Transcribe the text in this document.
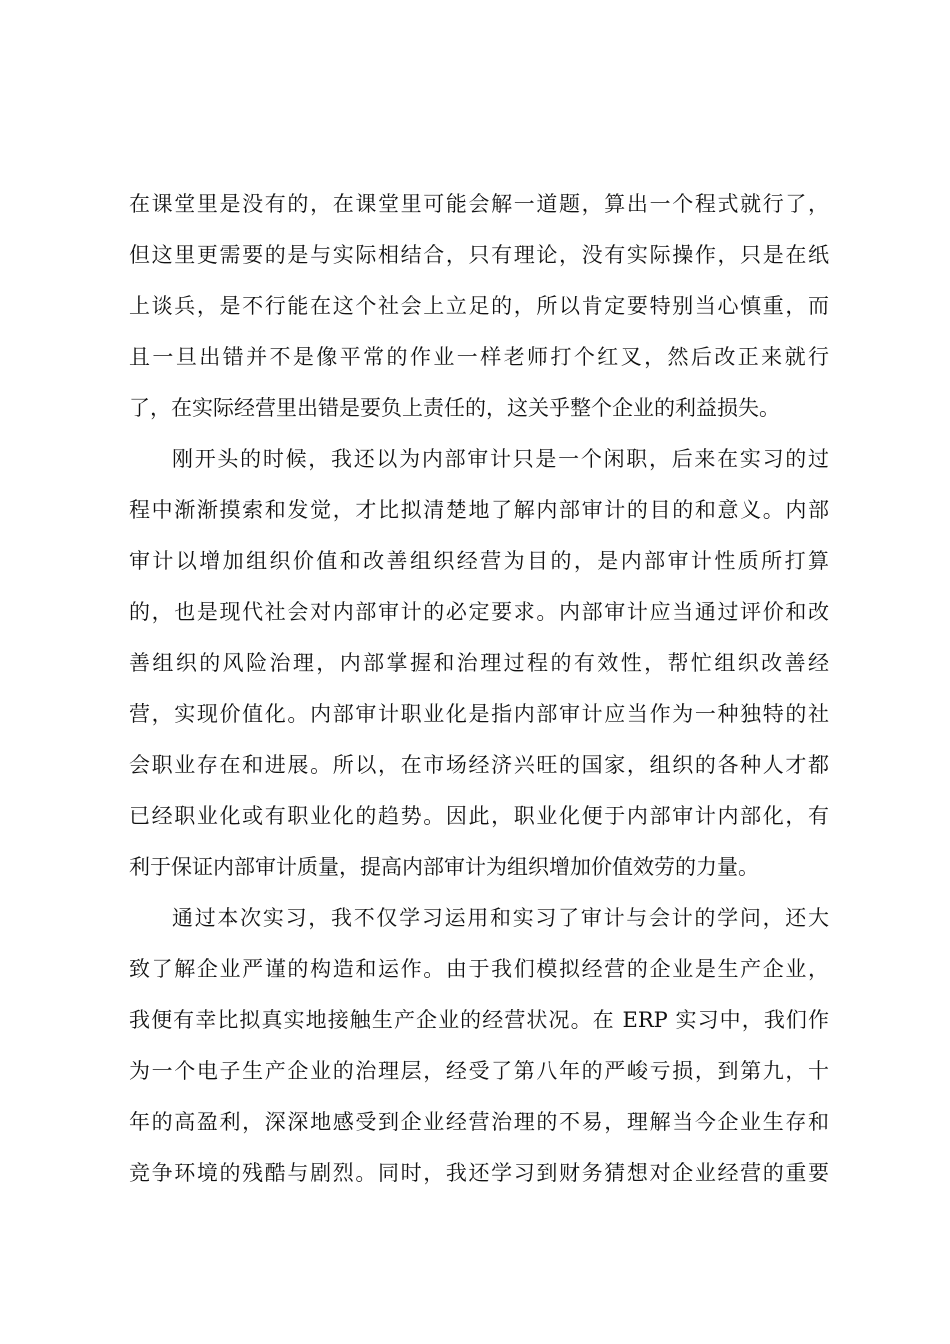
在课堂里是没有的，在课堂里可能会解一道题，算出一个程式就行了，
但这里更需要的是与实际相结合，只有理论，没有实际操作，只是在纸
上谈兵，是不行能在这个社会上立足的，所以肯定要特别当心慎重，而
且一旦出错并不是像平常的作业一样老师打个红叉，然后改正来就行
了，在实际经营里出错是要负上责任的，这关乎整个企业的利益损失。
刚开头的时候，我还以为内部审计只是一个闲职，后来在实习的过
程中渐渐摸索和发觉，才比拟清楚地了解内部审计的目的和意义。内部
审计以增加组织价值和改善组织经营为目的，是内部审计性质所打算
的，也是现代社会对内部审计的必定要求。内部审计应当通过评价和改
善组织的风险治理，内部掌握和治理过程的有效性，帮忙组织改善经
营，实现价值化。内部审计职业化是指内部审计应当作为一种独特的社
会职业存在和进展。所以，在市场经济兴旺的国家，组织的各种人才都
已经职业化或有职业化的趋势。因此，职业化便于内部审计内部化，有
利于保证内部审计质量，提高内部审计为组织增加价值效劳的力量。
通过本次实习，我不仅学习运用和实习了审计与会计的学问，还大
致了解企业严谨的构造和运作。由于我们模拟经营的企业是生产企业，
我便有幸比拟真实地接触生产企业的经营状况。在 ERP 实习中，我们作
为一个电子生产企业的治理层，经受了第八年的严峻亏损，到第九，十
年的高盈利，深深地感受到企业经营治理的不易，理解当今企业生存和
竞争环境的残酷与剧烈。同时，我还学习到财务猜想对企业经营的重要
